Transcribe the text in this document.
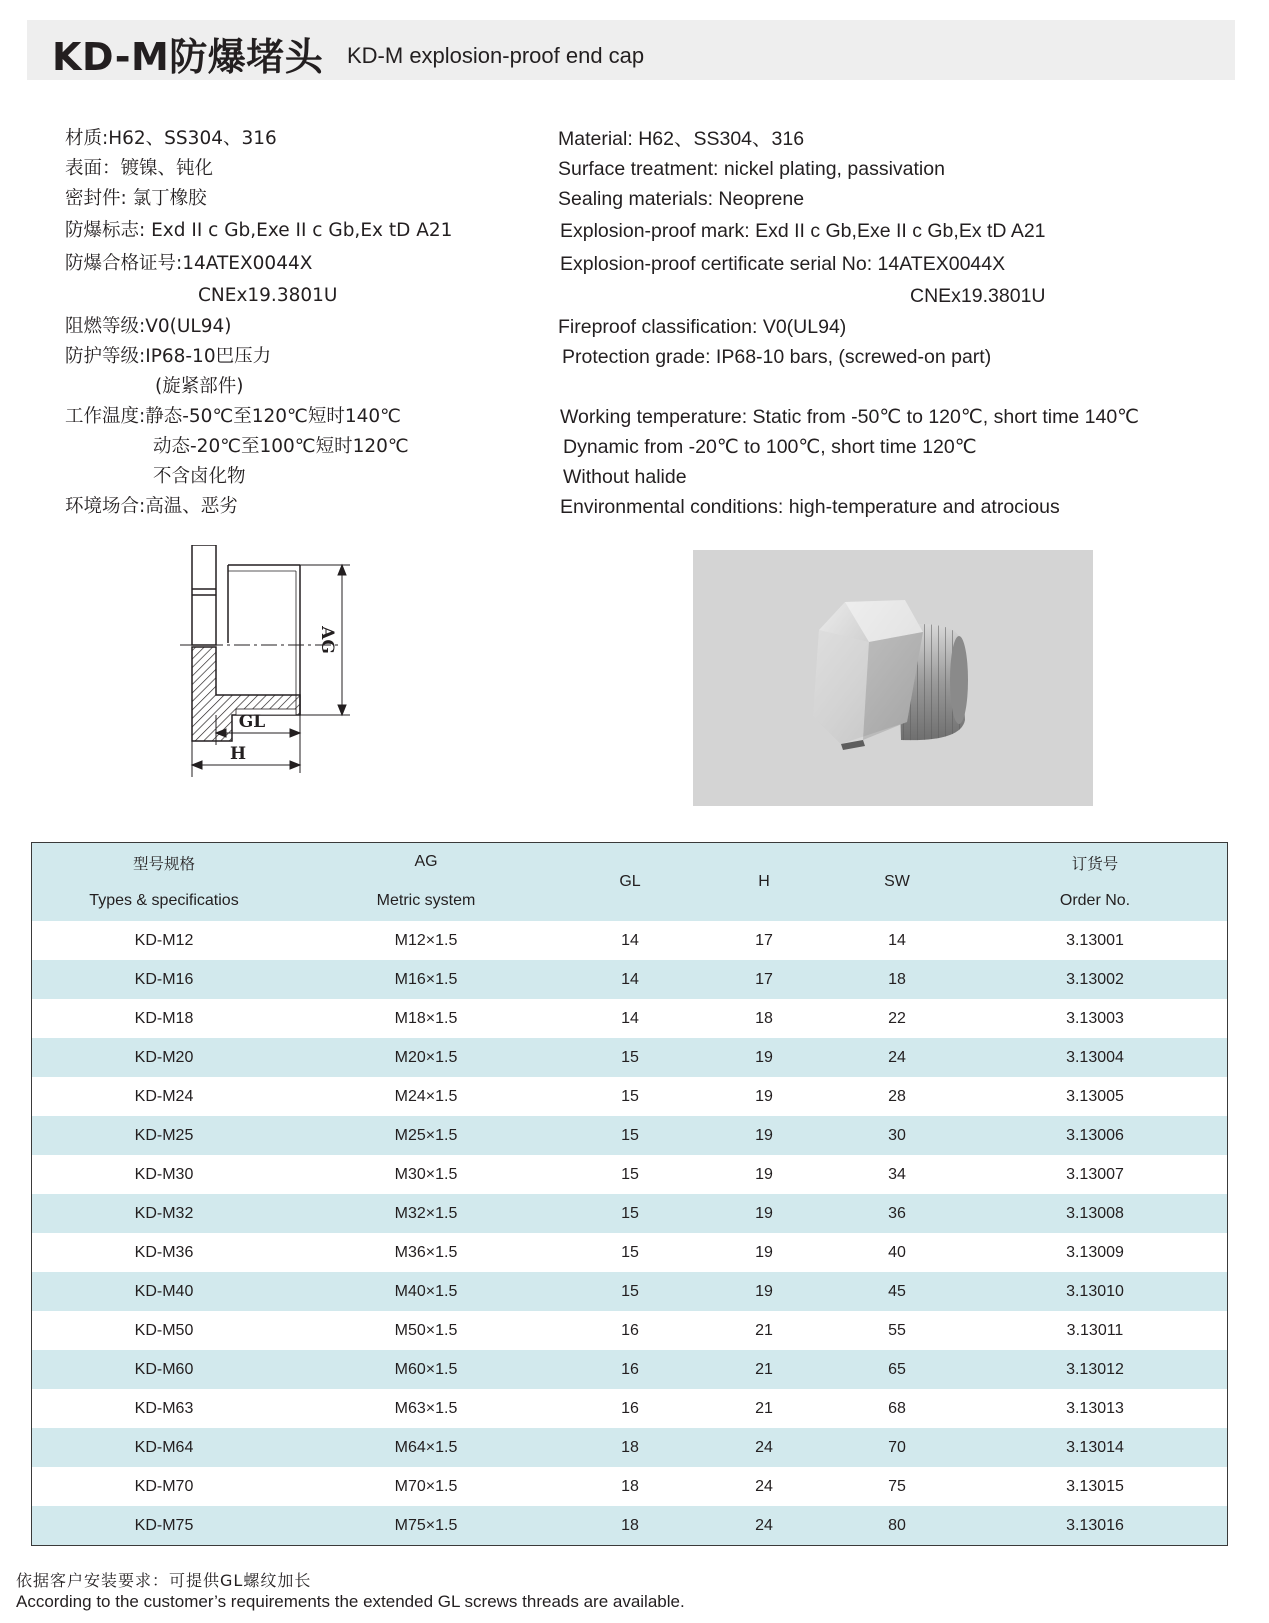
KD-M防爆堵头 KD-M explosion-proof end cap
材质:H62、SS304、316
表面：镀镍、钝化
密封件: 氯丁橡胶
防爆标志: Exd II c Gb,Exe II c Gb,Ex tD A21
防爆合格证号:14ATEX0044X
CNEx19.3801U
阻燃等级:V0(UL94)
防护等级:IP68-10巴压力
(旋紧部件)
工作温度:静态-50℃至120℃短时140℃
动态-20℃至100℃短时120℃
不含卤化物
环境场合:高温、恶劣
Material: H62、SS304、316
Surface treatment: nickel plating, passivation
Sealing materials: Neoprene
Explosion-proof mark: Exd II c Gb,Exe II c Gb,Ex tD A21
Explosion-proof certificate serial No: 14ATEX0044X
CNEx19.3801U
Fireproof classification: V0(UL94)
Protection grade: IP68-10 bars, (screwed-on part)
Working temperature: Static from -50℃ to 120℃, short time 140℃
Dynamic from -20℃ to 100℃, short time 120℃
Without halide
Environmental conditions: high-temperature and atrocious
AG
GL
H
型号规格
Types & specificatios
AG
Metric system
GL	H	SW
订货号
Order No.
KD-M12	M12×1.5	14	17	14	3.13001
KD-M16	M16×1.5	14	17	18	3.13002
KD-M18	M18×1.5	14	18	22	3.13003
KD-M20	M20×1.5	15	19	24	3.13004
KD-M24	M24×1.5	15	19	28	3.13005
KD-M25	M25×1.5	15	19	30	3.13006
KD-M30	M30×1.5	15	19	34	3.13007
KD-M32	M32×1.5	15	19	36	3.13008
KD-M36	M36×1.5	15	19	40	3.13009
KD-M40	M40×1.5	15	19	45	3.13010
KD-M50	M50×1.5	16	21	55	3.13011
KD-M60	M60×1.5	16	21	65	3.13012
KD-M63	M63×1.5	16	21	68	3.13013
KD-M64	M64×1.5	18	24	70	3.13014
KD-M70	M70×1.5	18	24	75	3.13015
KD-M75	M75×1.5	18	24	80	3.13016
依据客户安装要求：可提供GL螺纹加长
According to the customer’s requirements the extended GL screws threads are available.
